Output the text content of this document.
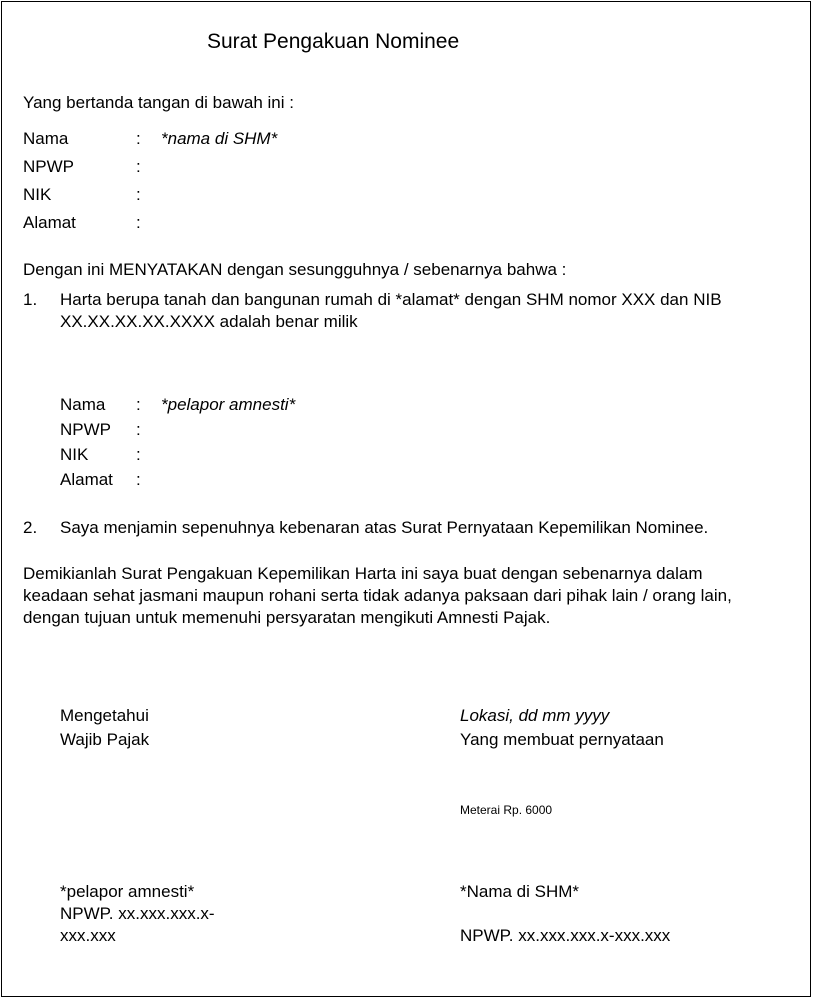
Surat Pengakuan Nominee
Yang bertanda tangan di bawah ini :
Nama	: *nama di SHM*
NPWP	:
NIK	:
Alamat	:
Dengan ini MENYATAKAN dengan sesungguhnya / sebenarnya bahwa :
1. Harta berupa tanah dan bangunan rumah di *alamat* dengan SHM nomor XXX dan NIB
XX.XX.XX.XX.XXXX adalah benar milik
Nama : *pelapor amnesti*
NPWP :
NIK	:
Alamat :
2. Saya menjamin sepenuhnya kebenaran atas Surat Pernyataan Kepemilikan Nominee.
Demikianlah Surat Pengakuan Kepemilikan Harta ini saya buat dengan sebenarnya dalam
keadaan sehat jasmani maupun rohani serta tidak adanya paksaan dari pihak lain / orang lain,
dengan tujuan untuk memenuhi persyaratan mengikuti Amnesti Pajak.
Mengetahui
Wajib Pajak
Lokasi, dd mm yyyy
Yang membuat pernyataan
Meterai Rp. 6000
*pelapor amnesti*
NPWP. xx.xxx.xxx.x-
xxx.xxx
*Nama di SHM*
NPWP. xx.xxx.xxx.x-xxx.xxx
